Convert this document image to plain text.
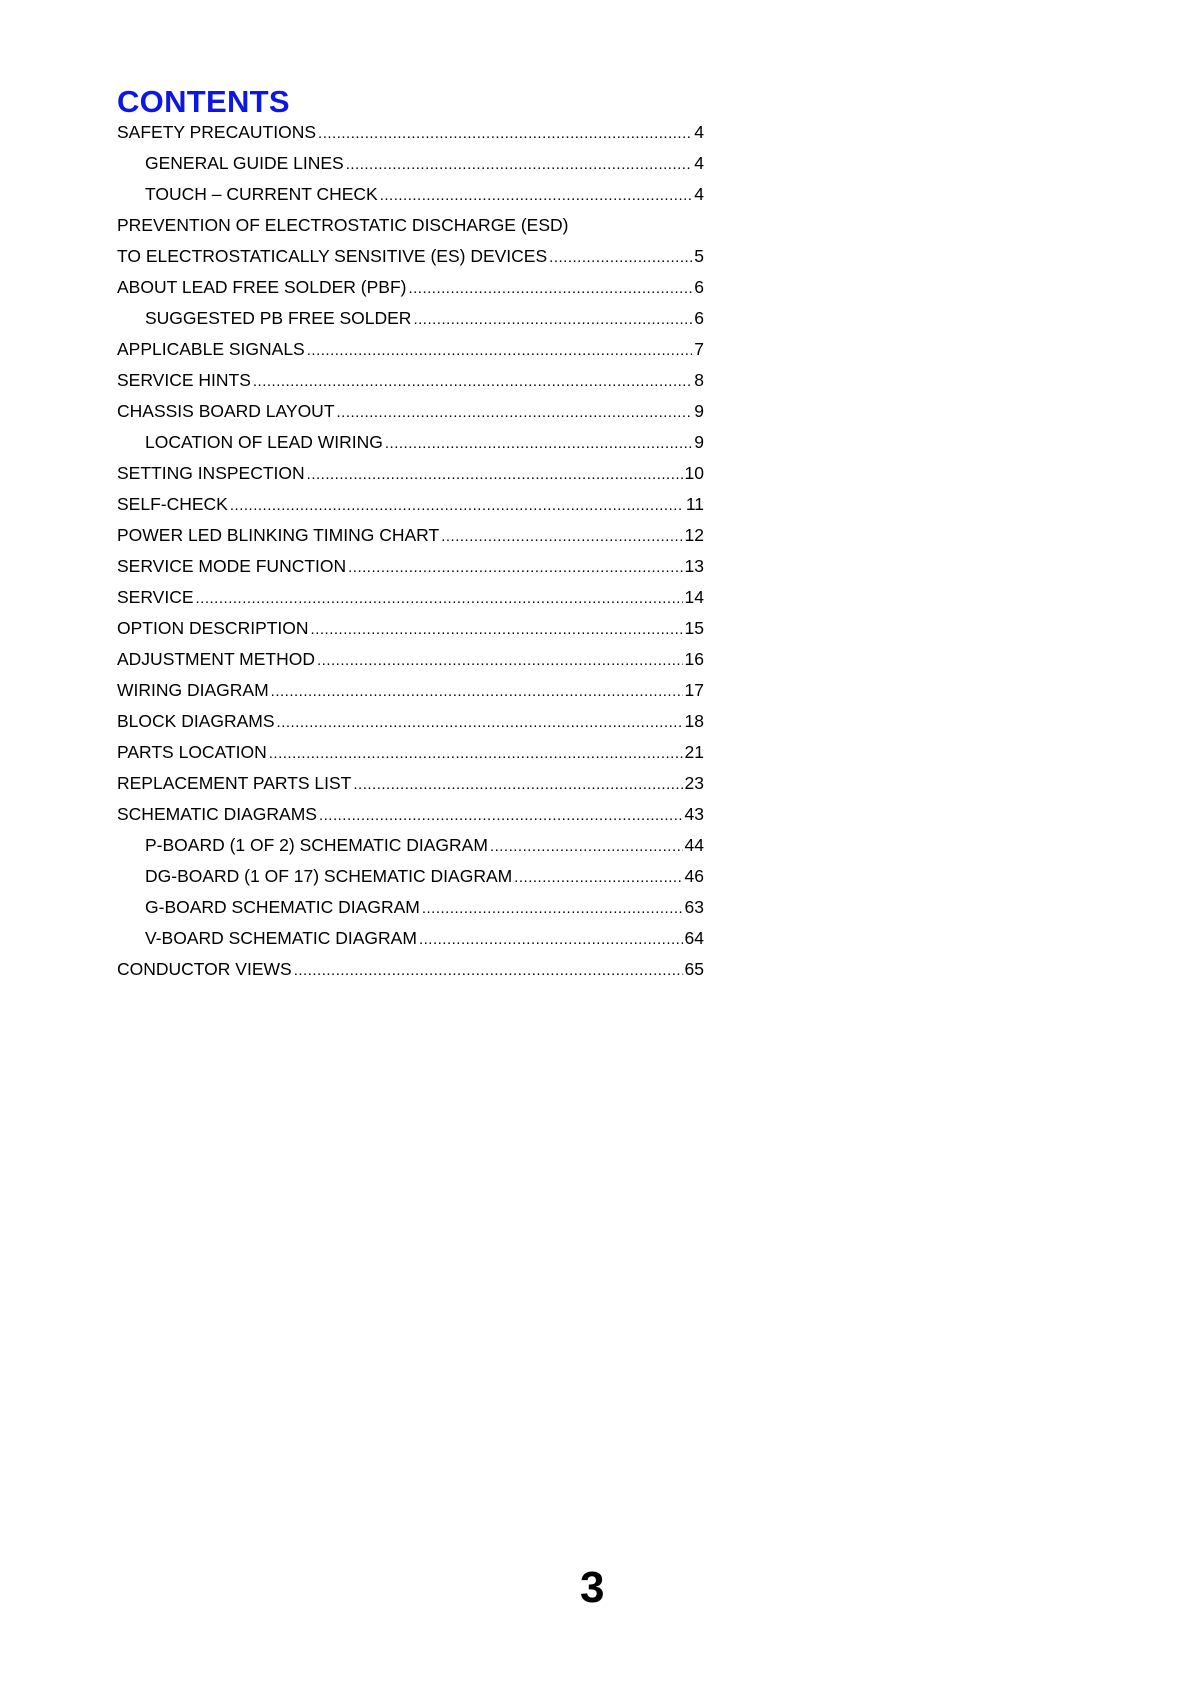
CONTENTS
SAFETY PRECAUTIONS .....	4
GENERAL GUIDE LINES .....	4
TOUCH – CURRENT CHECK .....	4
PREVENTION OF ELECTROSTATIC DISCHARGE (ESD)
TO ELECTROSTATICALLY SENSITIVE (ES) DEVICES .....	5
ABOUT LEAD FREE SOLDER (PBF) .....	6
SUGGESTED PB FREE SOLDER .....	6
APPLICABLE SIGNALS .....	7
SERVICE HINTS .....	8
CHASSIS BOARD LAYOUT .....	9
LOCATION OF LEAD WIRING .....	9
SETTING INSPECTION .....	10
SELF-CHECK .....	11
POWER LED BLINKING TIMING CHART .....	12
SERVICE MODE FUNCTION .....	13
SERVICE .....	14
OPTION DESCRIPTION .....	15
ADJUSTMENT METHOD .....	16
WIRING DIAGRAM .....	17
BLOCK DIAGRAMS .....	18
PARTS LOCATION .....	21
REPLACEMENT PARTS LIST .....	23
SCHEMATIC DIAGRAMS .....	43
P-BOARD (1 OF 2) SCHEMATIC DIAGRAM .....	44
DG-BOARD (1 OF 17) SCHEMATIC DIAGRAM .....	46
G-BOARD SCHEMATIC DIAGRAM .....	63
V-BOARD SCHEMATIC DIAGRAM .....	64
CONDUCTOR VIEWS .....	65
3
